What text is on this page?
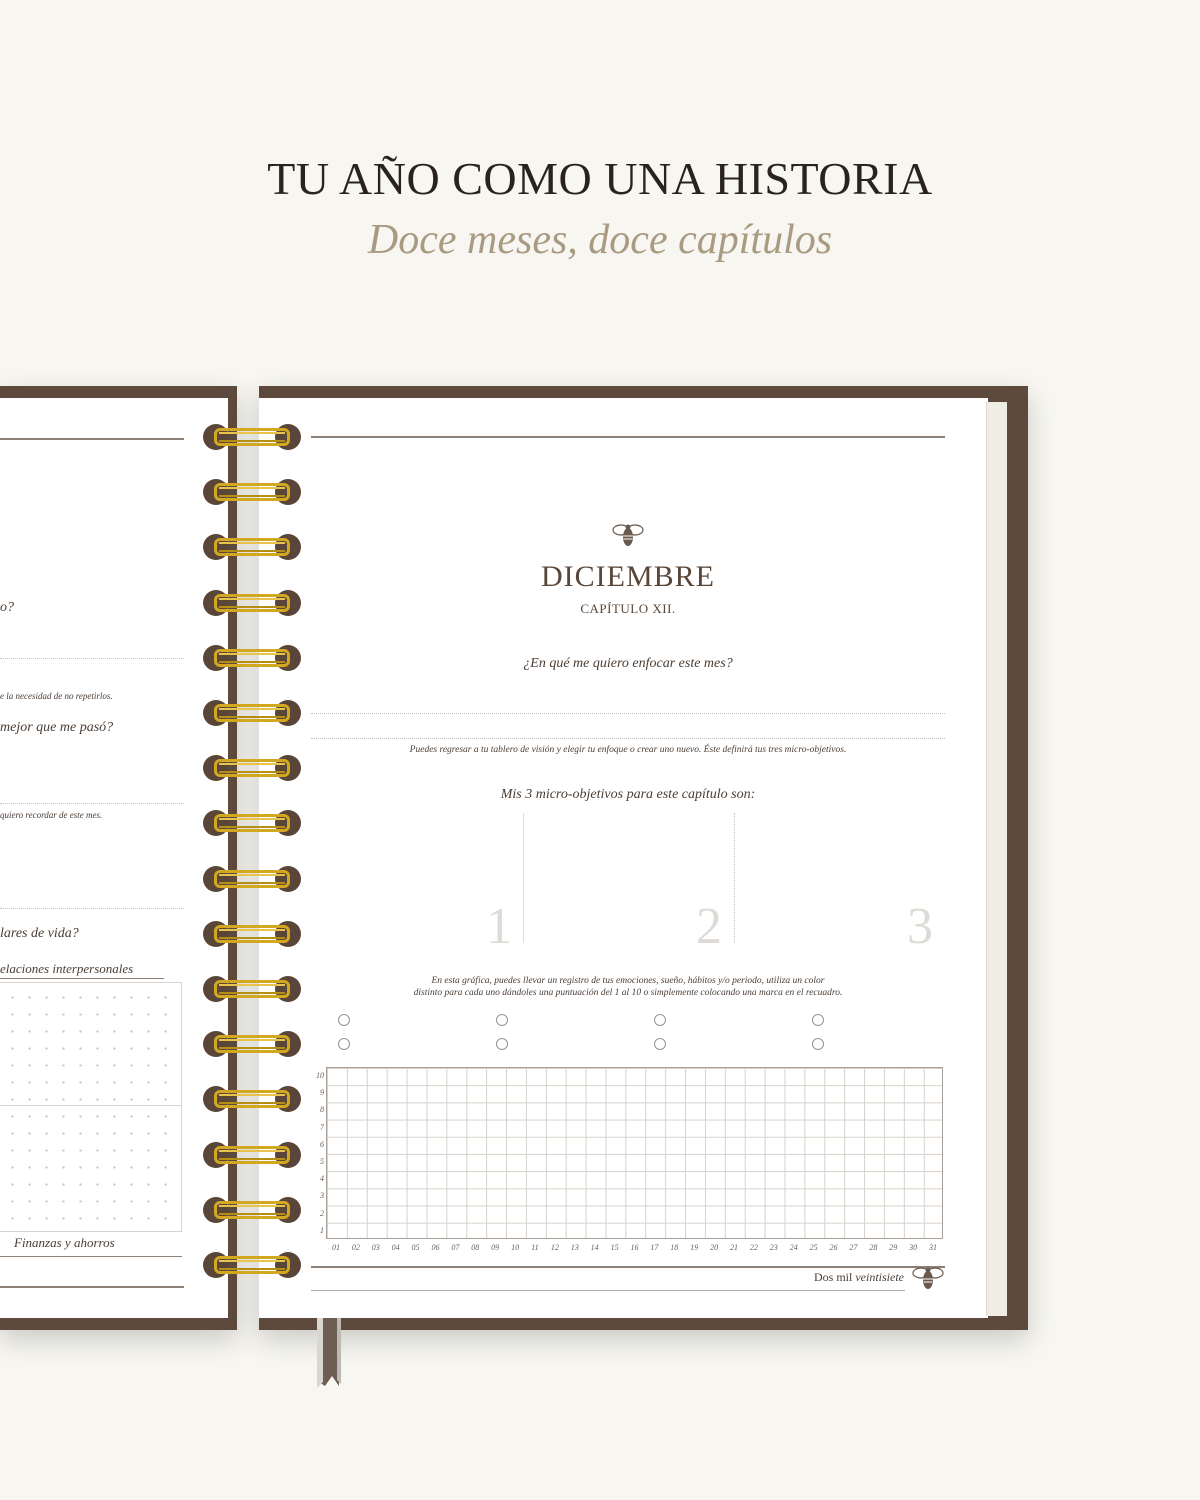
TU AÑO COMO UNA HISTORIA
Doce meses, doce capítulos
o?
e la necesidad de no repetirlos.
mejor que me pasó?
quiero recordar de este mes.
lares de vida?
elaciones interpersonales
Finanzas y ahorros
DICIEMBRE
CAPÍTULO XII.
¿En qué me quiero enfocar este mes?
Puedes regresar a tu tablero de visión y elegir tu enfoque o crear uno nuevo. Éste definirá tus tres micro-objetivos.
Mis 3 micro-objetivos para este capítulo son:
1	2	3
En esta gráfica, puedes llevar un registro de tus emociones, sueño, hábitos y/o periodo, utiliza un color
distinto para cada uno dándoles una puntuación del 1 al 10 o simplemente colocando una marca en el recuadro.
10
9
8
7
6
5
4
3
2
1
01	02	03	04	05	06	07	08	09	10	11	12	13	14	15	16	17	18	19	20	21	22	23	24	25	26	27	28	29	30	31
Dos mil veintisiete
